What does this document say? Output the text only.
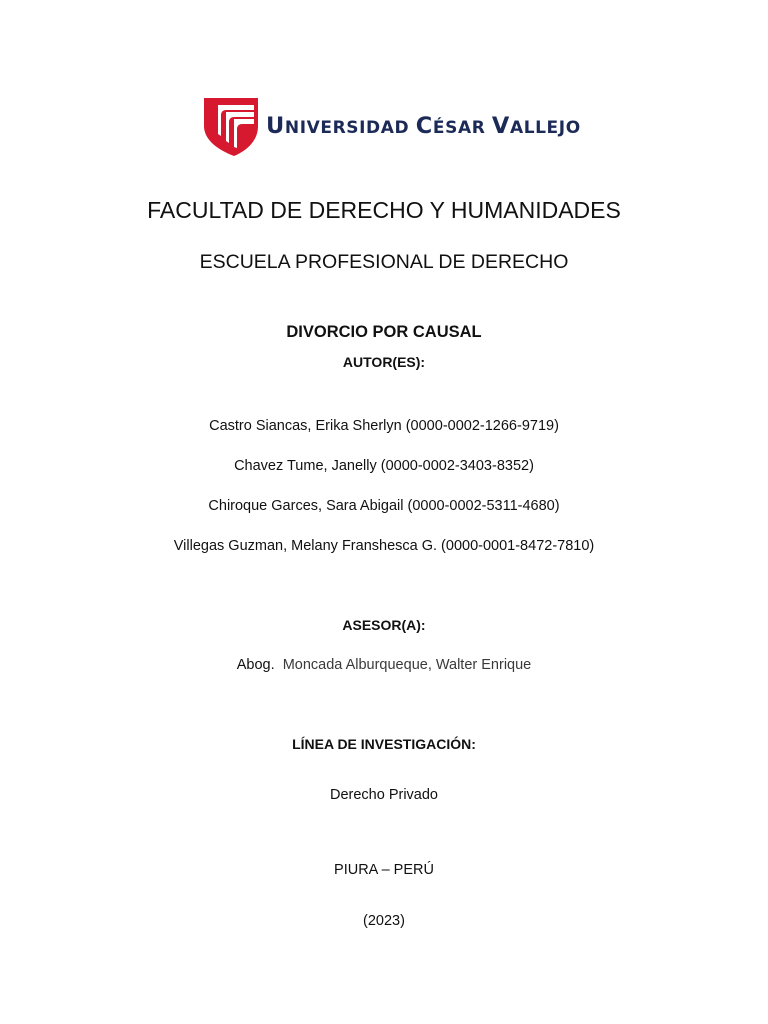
UNIVERSIDAD CÉSAR VALLEJO
FACULTAD DE DERECHO Y HUMANIDADES
ESCUELA PROFESIONAL DE DERECHO
DIVORCIO POR CAUSAL
AUTOR(ES):
Castro Siancas, Erika Sherlyn (0000-0002-1266-9719)
Chavez Tume, Janelly (0000-0002-3403-8352)
Chiroque Garces, Sara Abigail (0000-0002-5311-4680)
Villegas Guzman, Melany Franshesca G. (0000-0001-8472-7810)
ASESOR(A):
Abog. Moncada Alburqueque, Walter Enrique
LÍNEA DE INVESTIGACIÓN:
Derecho Privado
PIURA – PERÚ
(2023)
